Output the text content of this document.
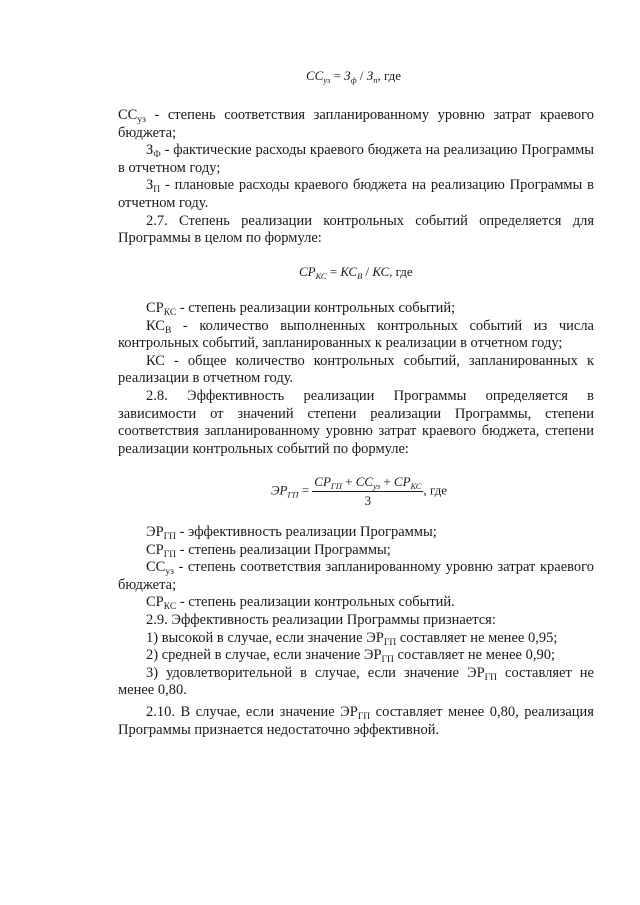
$СС_{уз} = З_ф / З_п$, где

$СС_{уз}$ - степень соответствия запланированному уровню затрат краевого бюджета;

$З_Ф$ - фактические расходы краевого бюджета на реализацию Программы в отчетном году;

$З_П$ - плановые расходы краевого бюджета на реализацию Программы в отчетном году.

2.7. Степень реализации контрольных событий определяется для Программы в целом по формуле:

$СР_{КС} = КС_В$ / КС, где

$СР_{КС}$ - степень реализации контрольных событий;

$КС_В$ - количество выполненных контрольных событий из числа контрольных событий, запланированных к реализации в отчетном году;

КС - общее количество контрольных событий, запланированных к реализации в отчетном году.

2.8. Эффективность реализации Программы определяется в зависимости от значений степени реализации Программы, степени соответствия запланированному уровню затрат краевого бюджета, степени реализации контрольных событий по формуле:

$ЭР_{ГП} = \frac{СР_{ГП} + СС_{уз} + СР_{КС}}{3}$ , где

$ЭР_{ГП}$ - эффективность реализации Программы;

$СР_{ГП}$ - степень реализации Программы;

$СС_{уз}$ - степень соответствия запланированному уровню затрат краевого бюджета;

$СР_{КС}$ - степень реализации контрольных событий.

2.9. Эффективность реализации Программы признается:

1) высокой в случае, если значение $ЭР_{ГП}$ составляет не менее 0,95;

2) средней в случае, если значение $ЭР_{ГП}$ составляет не менее 0,90;

3) удовлетворительной в случае, если значение $ЭР_{ГП}$ составляет не менее 0,80.

2.10. В случае, если значение $ЭР_{ГП}$ составляет менее 0,80, реализация Программы признается недостаточно эффективной.
